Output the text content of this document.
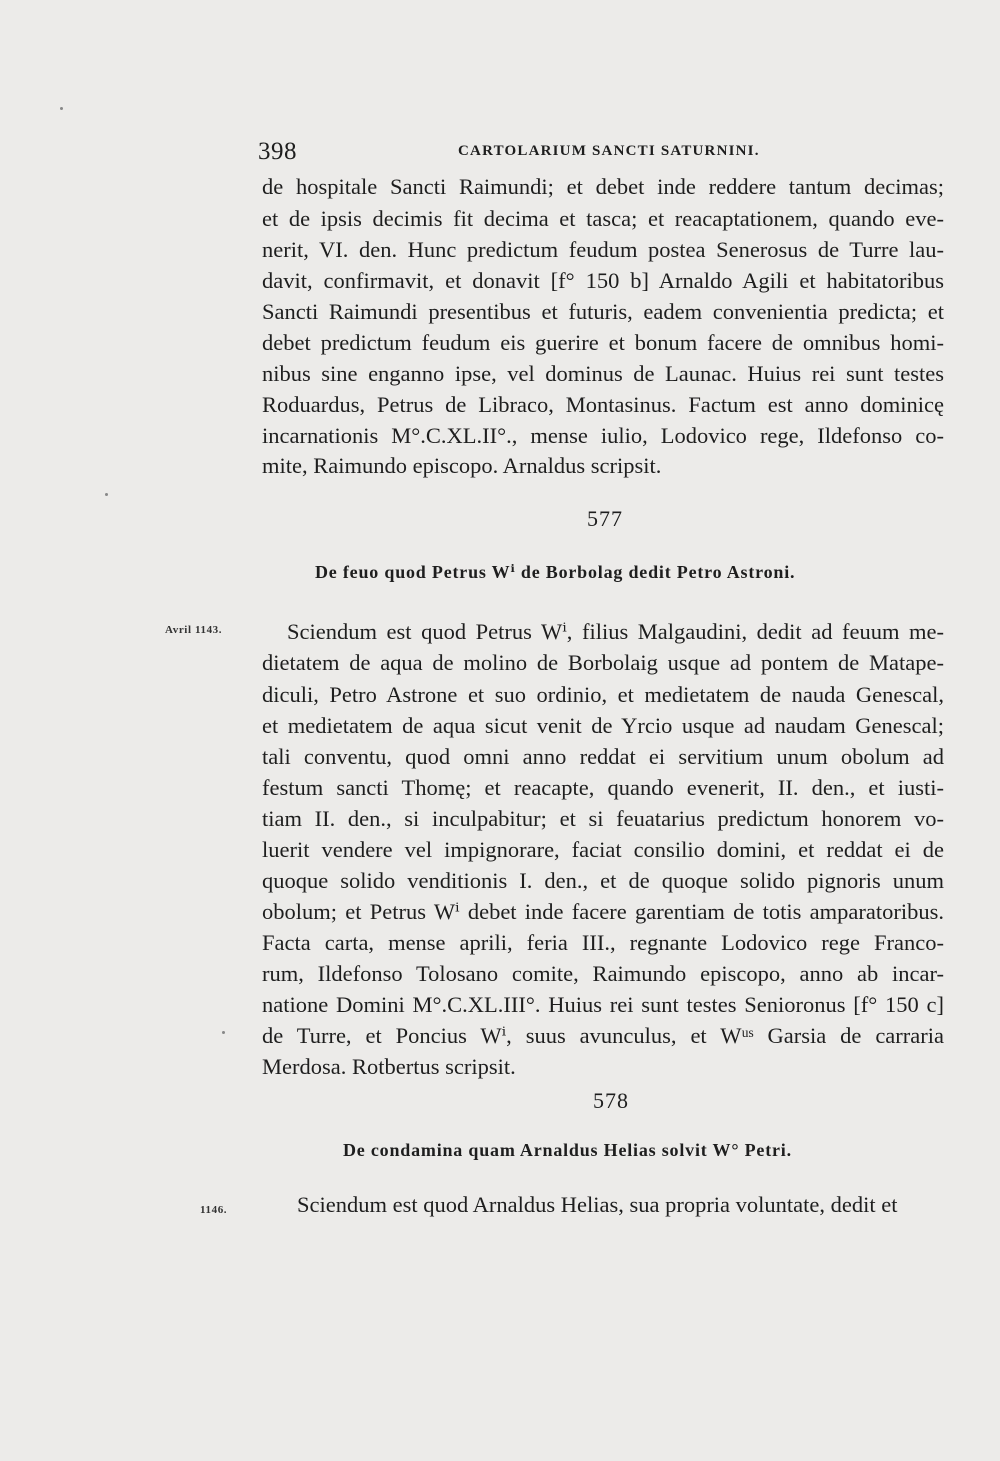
398	CARTOLARIUM SANCTI SATURNINI.
de hospitale Sancti Raimundi; et debet inde reddere tantum decimas;
et de ipsis decimis fit decima et tasca; et reacaptationem, quando eve-
nerit, VI. den. Hunc predictum feudum postea Senerosus de Turre lau-
davit, confirmavit, et donavit [f° 150 b] Arnaldo Agili et habitatoribus
Sancti Raimundi presentibus et futuris, eadem convenientia predicta; et
debet predictum feudum eis guerire et bonum facere de omnibus homi-
nibus sine enganno ipse, vel dominus de Launac. Huius rei sunt testes
Roduardus, Petrus de Libraco, Montasinus. Factum est anno dominicę
incarnationis M°.C.XL.II°., mense iulio, Lodovico rege, Ildefonso co-
mite, Raimundo episcopo. Arnaldus scripsit.
577
De feuo quod Petrus Wⁱ de Borbolag dedit Petro Astroni.
Avril 1143.	Sciendum est quod Petrus Wⁱ, filius Malgaudini, dedit ad feuum me-
dietatem de aqua de molino de Borbolaig usque ad pontem de Matape-
diculi, Petro Astrone et suo ordinio, et medietatem de nauda Genescal,
et medietatem de aqua sicut venit de Yrcio usque ad naudam Genescal;
tali conventu, quod omni anno reddat ei servitium unum obolum ad
festum sancti Thomę; et reacapte, quando evenerit, II. den., et iusti-
tiam II. den., si inculpabitur; et si feuatarius predictum honorem vo-
luerit vendere vel impignorare, faciat consilio domini, et reddat ei de
quoque solido venditionis I. den., et de quoque solido pignoris unum
obolum; et Petrus Wⁱ debet inde facere garentiam de totis amparatoribus.
Facta carta, mense aprili, feria III., regnante Lodovico rege Franco-
rum, Ildefonso Tolosano comite, Raimundo episcopo, anno ab incar-
natione Domini M°.C.XL.III°. Huius rei sunt testes Senioronus [f° 150 c]
de Turre, et Poncius Wⁱ, suus avunculus, et Wᵘˢ Garsia de carraria
Merdosa. Rotbertus scripsit.
578
De condamina quam Arnaldus Helias solvit W° Petri.
1146.	Sciendum est quod Arnaldus Helias, sua propria voluntate, dedit et
